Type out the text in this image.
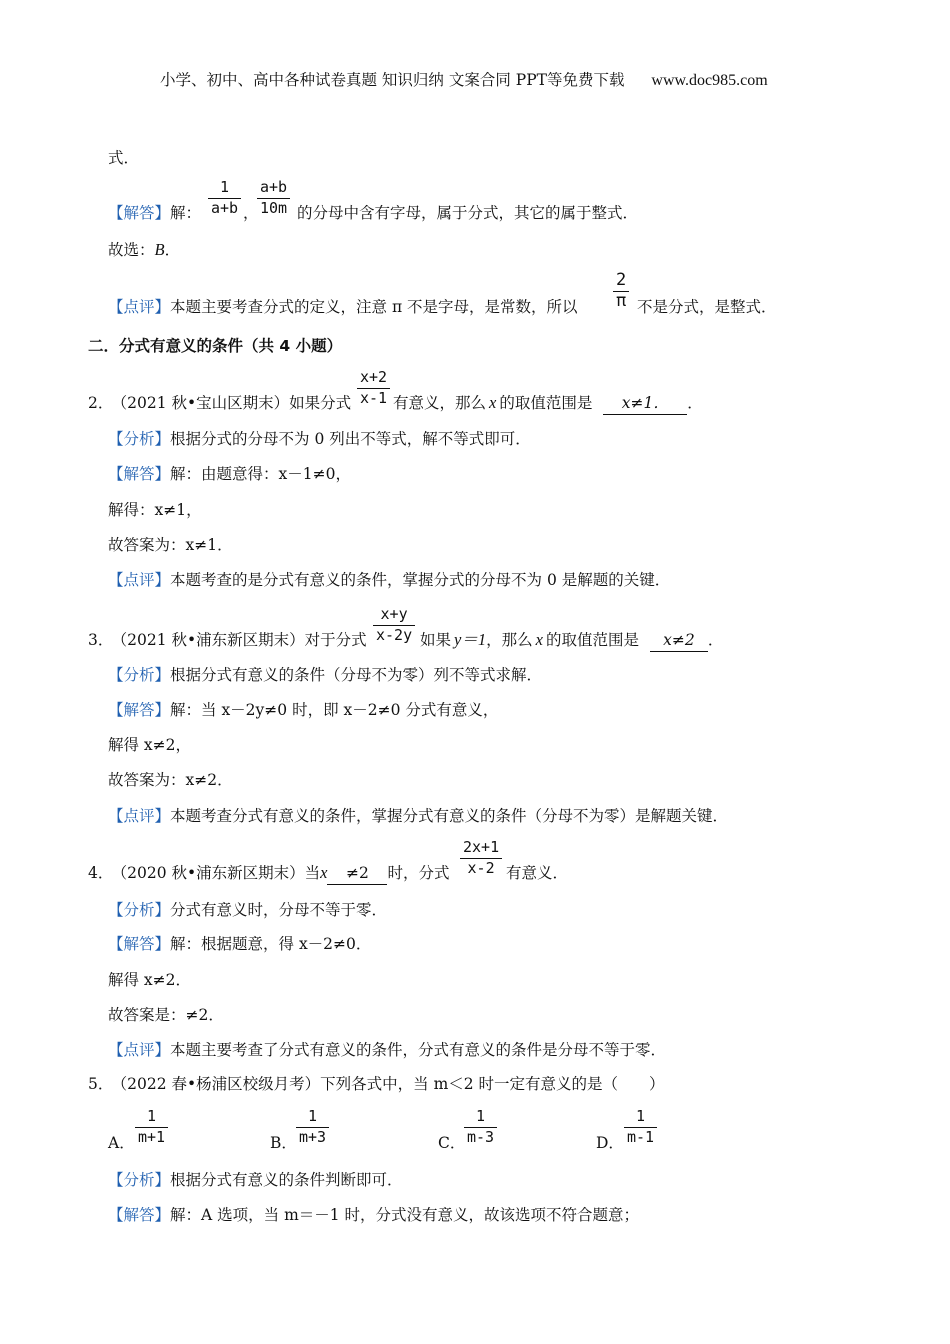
小学、初中、高中各种试卷真题 知识归纳 文案合同 PPT等免费下载 www.doc985.com
式．
【解答】解：
1
a+b ，
a+b
10m 的分母中含有字母，属于分式，其它的属于整式．
故选：B．
【点评】本题主要考查分式的定义，注意 π 不是字母，是常数，所以
2
π 不是分式，是整式．
二．分式有意义的条件（共 4 小题）
2． （2021 秋•宝山区期末）如果分式
x+2
x-1 有意义，那么 x 的取值范围是 x≠1． ．
【分析】根据分式的分母不为 0 列出不等式，解不等式即可．
【解答】解：由题意得：x－1≠0，
解得：x≠1，
故答案为：x≠1．
【点评】本题考查的是分式有意义的条件，掌握分式的分母不为 0 是解题的关键．
3． （2021 秋•浦东新区期末）对于分式
x+y
x-2y 如果 y＝1，那么 x 的取值范围是 x≠2 ．
【分析】根据分式有意义的条件（分母不为零）列不等式求解．
【解答】解：当 x－2y≠0 时，即 x－2≠0 分式有意义，
解得 x≠2，
故答案为：x≠2．
【点评】本题考查分式有意义的条件，掌握分式有意义的条件（分母不为零）是解题关键．
4． （2020 秋•浦东新区期末）当x ≠2 时，分式
2x+1
x-2 有意义．
【分析】分式有意义时，分母不等于零．
【解答】解：根据题意，得 x－2≠0．
解得 x≠2．
故答案是：≠2．
【点评】本题主要考查了分式有意义的条件，分式有意义的条件是分母不等于零．
5． （2022 春•杨浦区校级月考）下列各式中，当 m＜2 时一定有意义的是（　　）
A．
1
m+1	B．
1
m+3	C．
1
m-3	D．
1
m-1
【分析】根据分式有意义的条件判断即可．
【解答】解：A 选项，当 m＝－1 时，分式没有意义，故该选项不符合题意；
